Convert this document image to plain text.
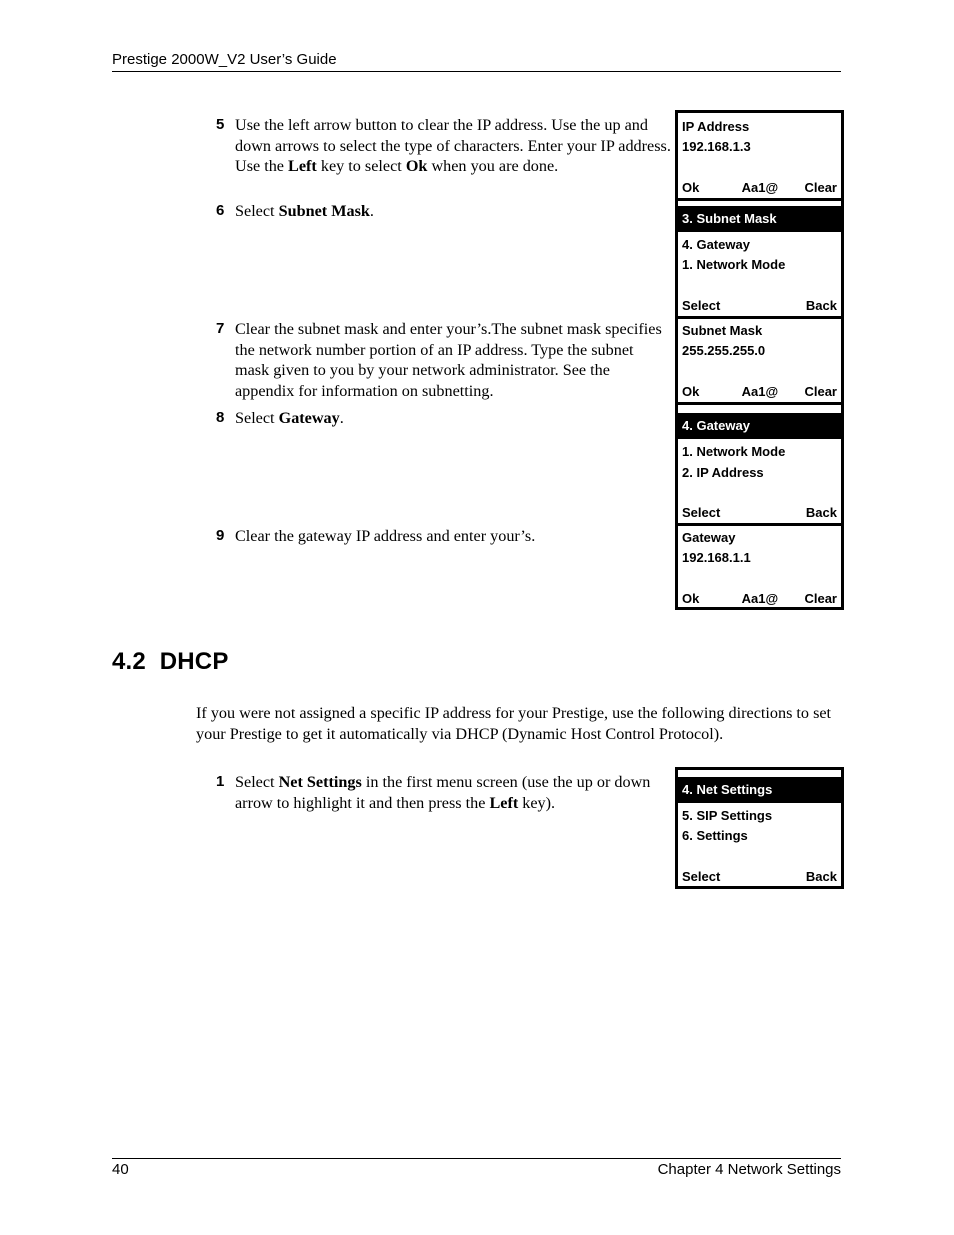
Prestige 2000W_V2 User’s Guide
5 Use the left arrow button to clear the IP address. Use the up and down arrows to select the type of characters. Enter your IP address. Use the Left key to select Ok when you are done.
6 Select Subnet Mask.
7 Clear the subnet mask and enter your’s.The subnet mask specifies the network number portion of an IP address. Type the subnet mask given to you by your network administrator. See the appendix for information on subnetting.
8 Select Gateway.
9 Clear the gateway IP address and enter your’s.
IP Address
192.168.1.3
Ok	Aa1@ Clear
3. Subnet Mask
4. Gateway
1. Network Mode
Select	Back
Subnet Mask
255.255.255.0
Ok	Aa1@ Clear
4. Gateway
1. Network Mode
2. IP Address
Select	Back
Gateway
192.168.1.1
Ok	Aa1@ Clear
4.2 DHCP
If you were not assigned a specific IP address for your Prestige, use the following directions to set your Prestige to get it automatically via DHCP (Dynamic Host Control Protocol).
1 Select Net Settings in the first menu screen (use the up or down arrow to highlight it and then press the Left key).
4. Net Settings
5. SIP Settings
6. Settings
Select	Back
40	Chapter 4 Network Settings
